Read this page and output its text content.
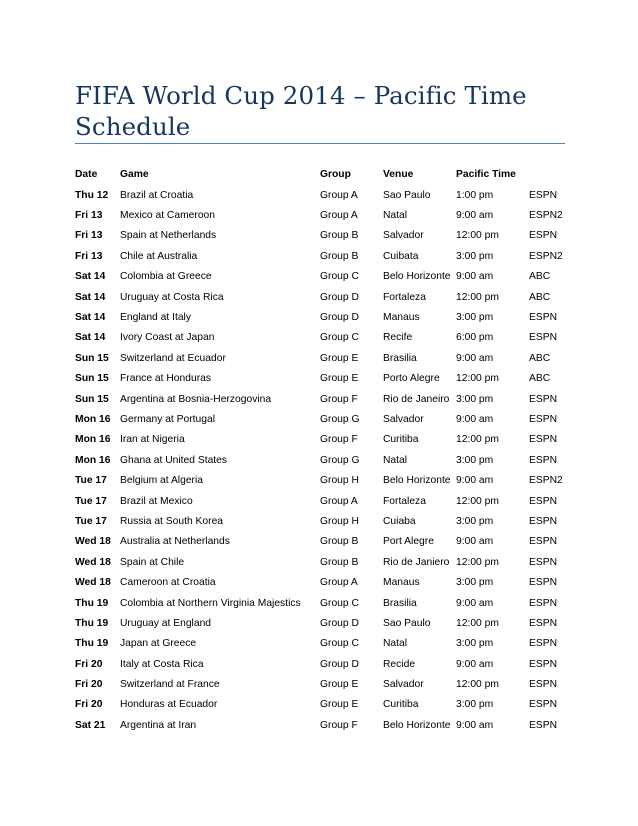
FIFA World Cup 2014 – Pacific Time Schedule
Date	Game	Group	Venue	Pacific Time	
Thu 12	Brazil at Croatia	Group A	Sao Paulo	1:00 pm	ESPN
Fri 13	Mexico at Cameroon	Group A	Natal	9:00 am	ESPN2
Fri 13	Spain at Netherlands	Group B	Salvador	12:00 pm	ESPN
Fri 13	Chile at Australia	Group B	Cuibata	3:00 pm	ESPN2
Sat 14	Colombia at Greece	Group C	Belo Horizonte	9:00 am	ABC
Sat 14	Uruguay at Costa Rica	Group D	Fortaleza	12:00 pm	ABC
Sat 14	England at Italy	Group D	Manaus	3:00 pm	ESPN
Sat 14	Ivory Coast at Japan	Group C	Recife	6:00 pm	ESPN
Sun 15	Switzerland at Ecuador	Group E	Brasilia	9:00 am	ABC
Sun 15	France at Honduras	Group E	Porto Alegre	12:00 pm	ABC
Sun 15	Argentina at Bosnia-Herzogovina	Group F	Rio de Janeiro	3:00 pm	ESPN
Mon 16	Germany at Portugal	Group G	Salvador	9:00 am	ESPN
Mon 16	Iran at Nigeria	Group F	Curitiba	12:00 pm	ESPN
Mon 16	Ghana at United States	Group G	Natal	3:00 pm	ESPN
Tue 17	Belgium at Algeria	Group H	Belo Horizonte	9:00 am	ESPN2
Tue 17	Brazil at Mexico	Group A	Fortaleza	12:00 pm	ESPN
Tue 17	Russia at South Korea	Group H	Cuiaba	3:00 pm	ESPN
Wed 18	Australia at Netherlands	Group B	Port Alegre	9:00 am	ESPN
Wed 18	Spain at Chile	Group B	Rio de Janiero	12:00 pm	ESPN
Wed 18	Cameroon at Croatia	Group A	Manaus	3:00 pm	ESPN
Thu 19	Colombia at Northern Virginia Majestics	Group C	Brasilia	9:00 am	ESPN
Thu 19	Uruguay at England	Group D	Sao Paulo	12:00 pm	ESPN
Thu 19	Japan at Greece	Group C	Natal	3:00 pm	ESPN
Fri 20	Italy at Costa Rica	Group D	Recide	9:00 am	ESPN
Fri 20	Switzerland at France	Group E	Salvador	12:00 pm	ESPN
Fri 20	Honduras at Ecuador	Group E	Curitiba	3:00 pm	ESPN
Sat 21	Argentina at Iran	Group F	Belo Horizonte	9:00 am	ESPN
